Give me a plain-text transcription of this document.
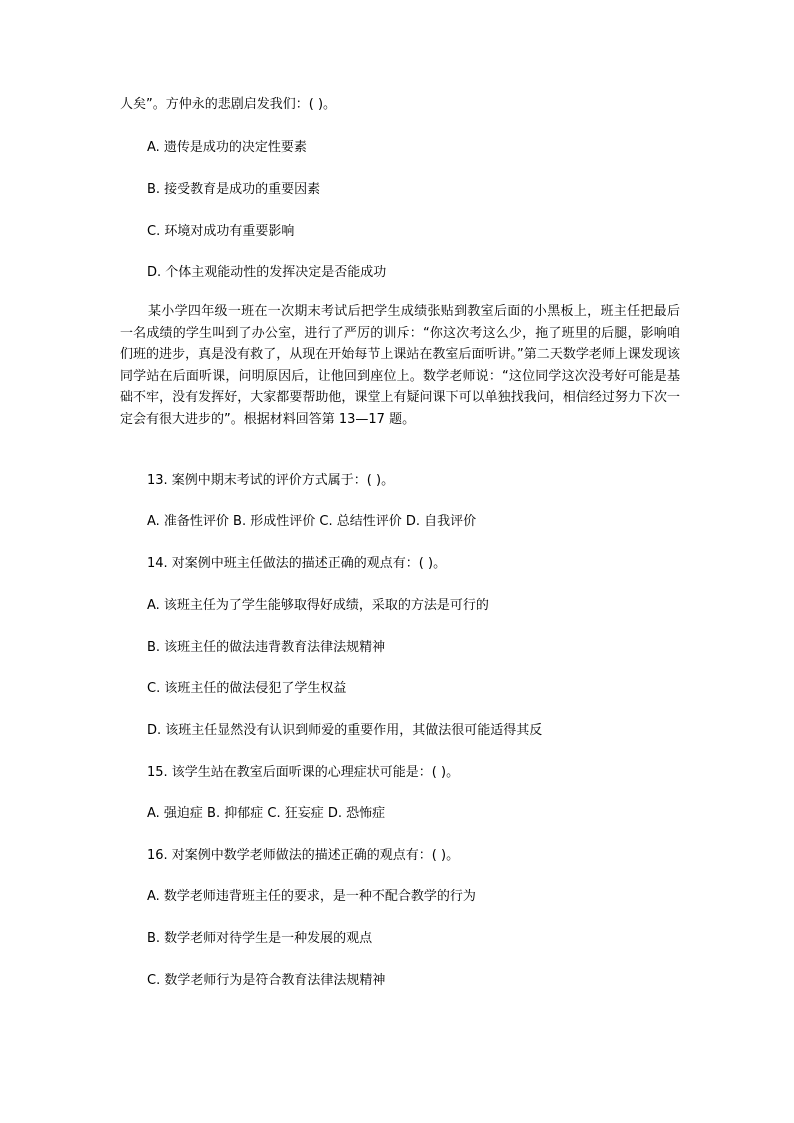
人矣”。方仲永的悲剧启发我们：( )。
A. 遗传是成功的决定性要素
B. 接受教育是成功的重要因素
C. 环境对成功有重要影响
D. 个体主观能动性的发挥决定是否能成功
某小学四年级一班在一次期末考试后把学生成绩张贴到教室后面的小黑板上，班主任把最后一名成绩的学生叫到了办公室，进行了严厉的训斥：“你这次考这么少，拖了班里的后腿，影响咱们班的进步，真是没有救了，从现在开始每节上课站在教室后面听讲。”第二天数学老师上课发现该同学站在后面听课，问明原因后，让他回到座位上。数学老师说：“这位同学这次没考好可能是基础不牢，没有发挥好，大家都要帮助他，课堂上有疑问课下可以单独找我问，相信经过努力下次一定会有很大进步的”。根据材料回答第 13—17 题。
13. 案例中期末考试的评价方式属于：( )。
A. 准备性评价 B. 形成性评价 C. 总结性评价 D. 自我评价
14. 对案例中班主任做法的描述正确的观点有：( )。
A. 该班主任为了学生能够取得好成绩，采取的方法是可行的
B. 该班主任的做法违背教育法律法规精神
C. 该班主任的做法侵犯了学生权益
D. 该班主任显然没有认识到师爱的重要作用，其做法很可能适得其反
15. 该学生站在教室后面听课的心理症状可能是：( )。
A. 强迫症 B. 抑郁症 C. 狂妄症 D. 恐怖症
16. 对案例中数学老师做法的描述正确的观点有：( )。
A. 数学老师违背班主任的要求，是一种不配合教学的行为
B. 数学老师对待学生是一种发展的观点
C. 数学老师行为是符合教育法律法规精神
